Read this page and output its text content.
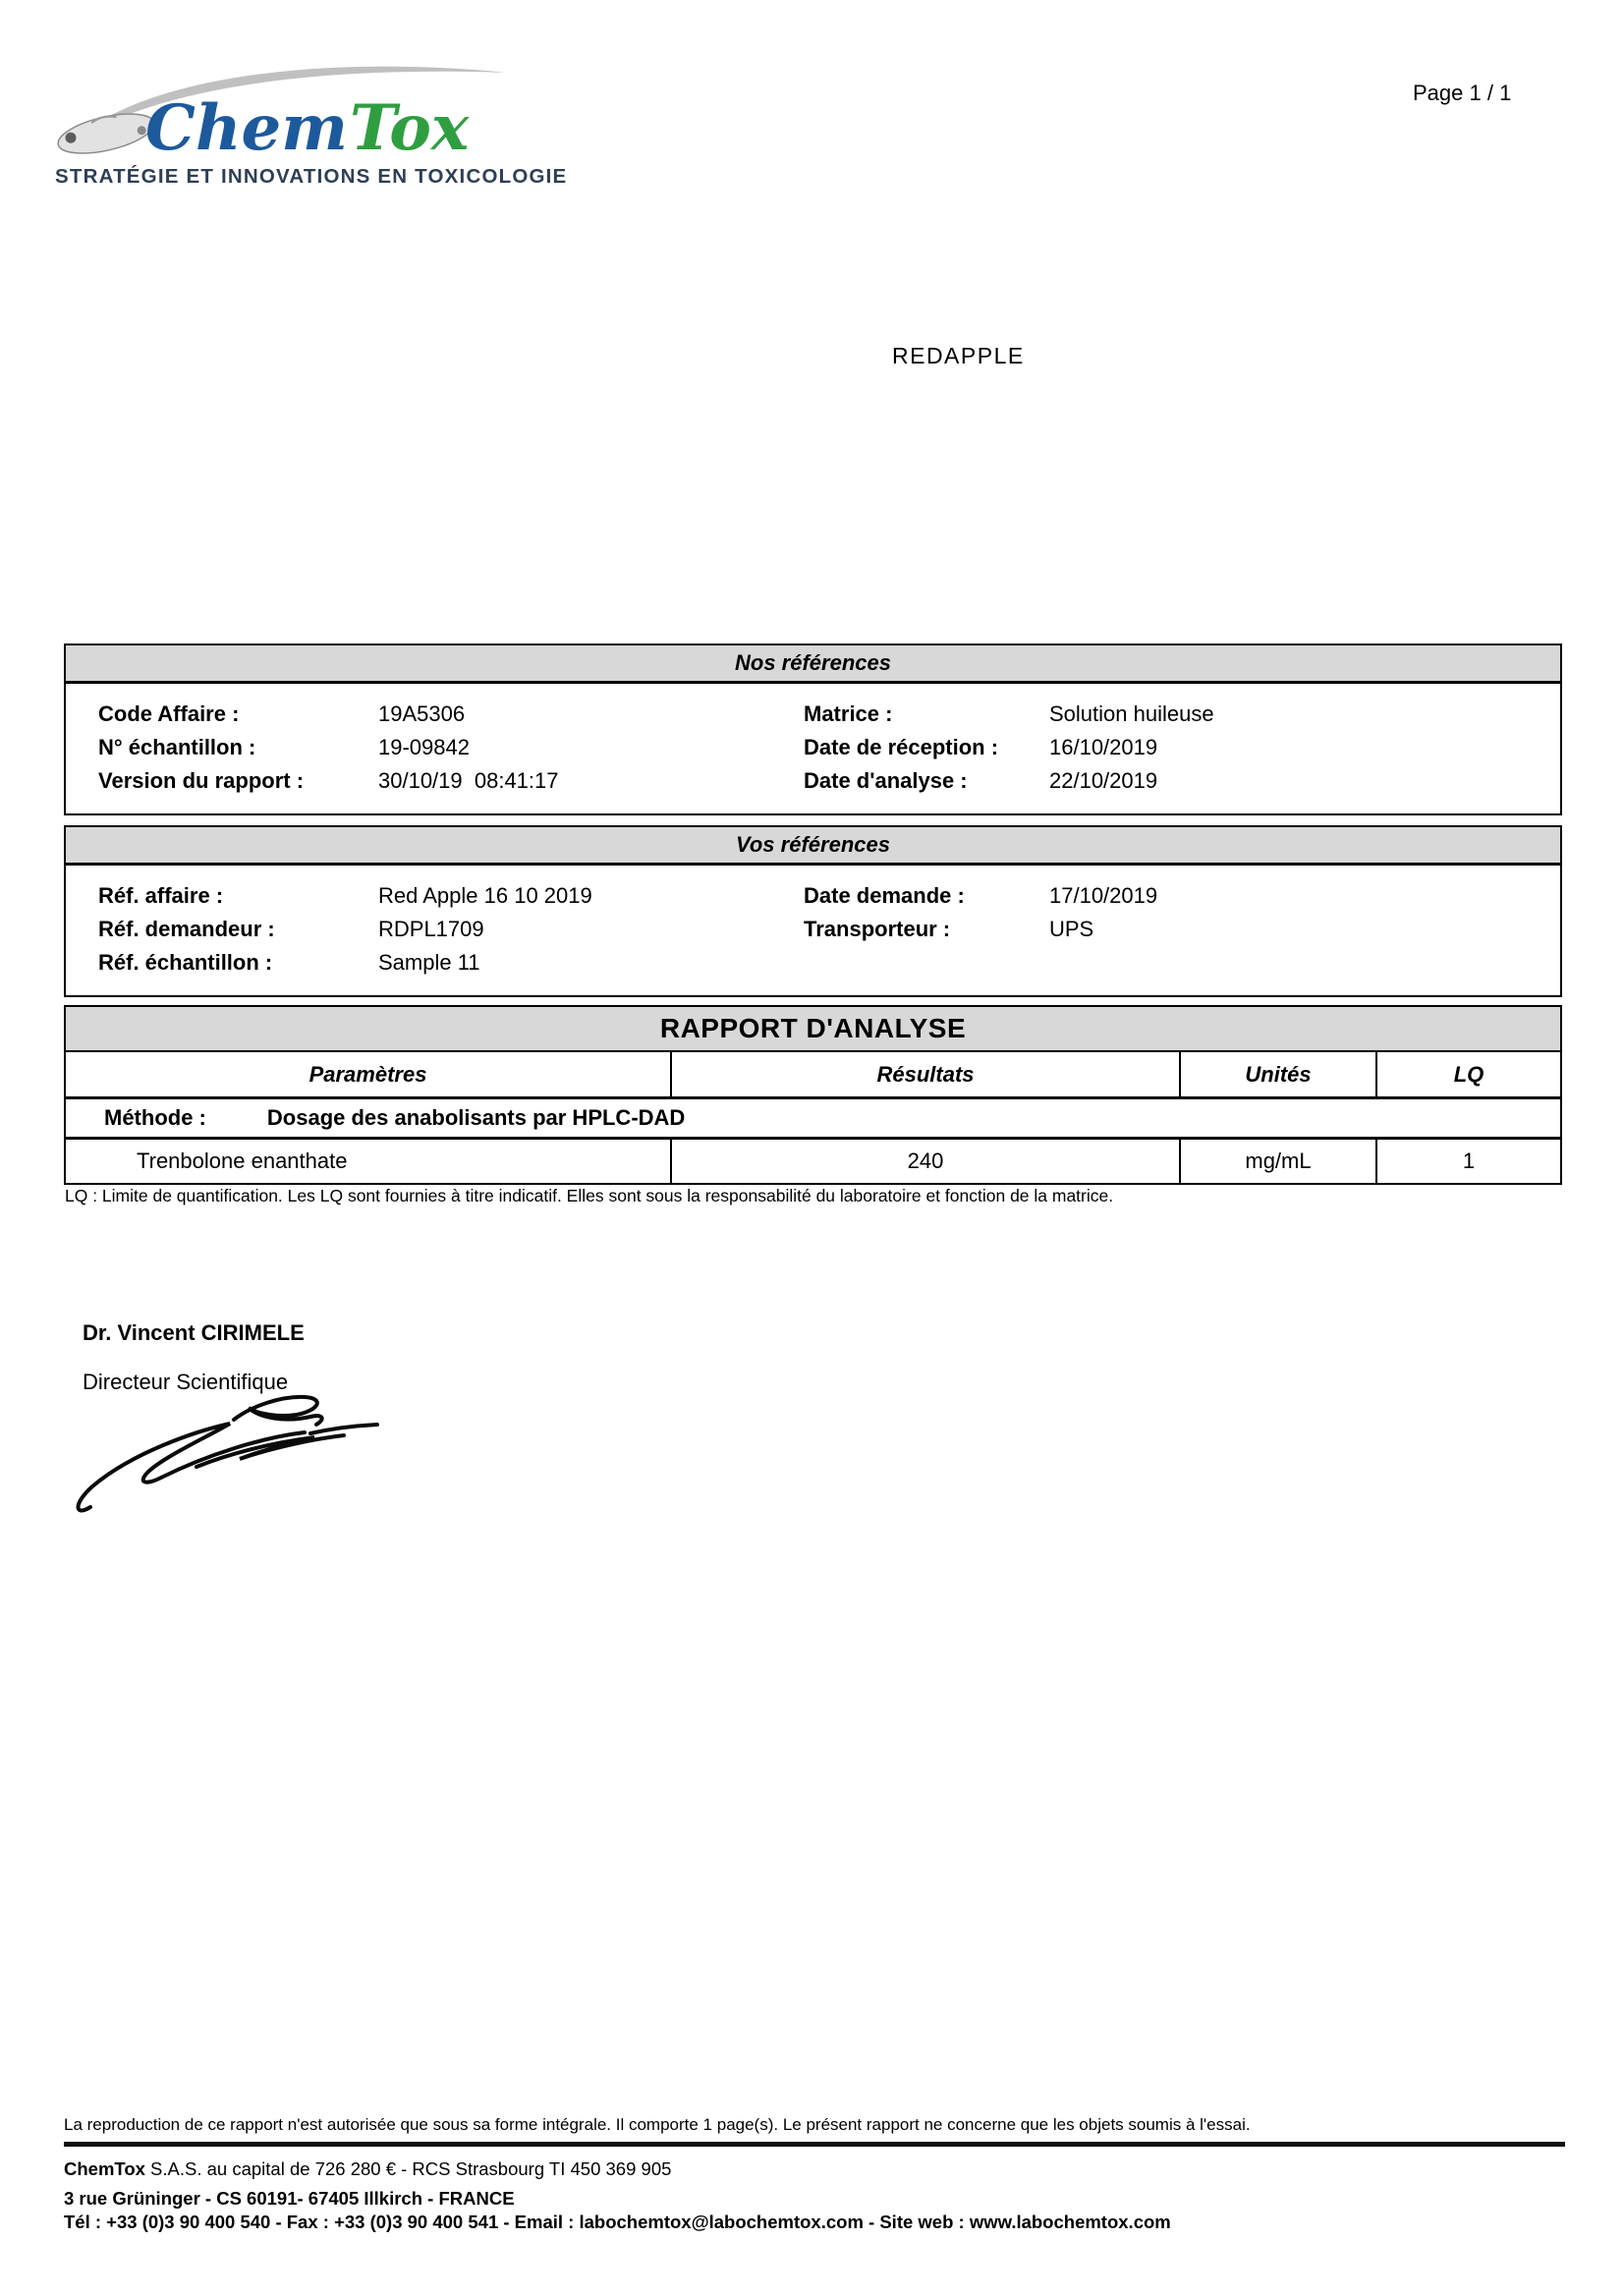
Chem Tox
STRATÉGIE ET INNOVATIONS EN TOXICOLOGIE
Page 1 / 1
REDAPPLE
Nos références
Code Affaire :	19A5306	Matrice :	Solution huileuse
N° échantillon :	19-09842	Date de réception : 16/10/2019
Version du rapport :	30/10/19  08:41:17	Date d'analyse :	22/10/2019
Vos références
Réf. affaire :	Red Apple 16 10 2019	Date demande :	17/10/2019
Réf. demandeur :	RDPL1709	Transporteur :	UPS
Réf. échantillon :	Sample 11
RAPPORT D'ANALYSE
Paramètres	Résultats	Unités	LQ
Méthode :	Dosage des anabolisants par HPLC-DAD
Trenbolone enanthate	240	mg/mL	1
LQ : Limite de quantification. Les LQ sont fournies à titre indicatif. Elles sont sous la responsabilité du laboratoire et fonction de la matrice.
Dr. Vincent CIRIMELE
Directeur Scientifique
La reproduction de ce rapport n'est autorisée que sous sa forme intégrale. Il comporte 1 page(s). Le présent rapport ne concerne que les objets soumis à l'essai.
ChemTox S.A.S. au capital de 726 280 € - RCS Strasbourg TI 450 369 905
3 rue Grüninger - CS 60191- 67405 Illkirch - FRANCE
Tél : +33 (0)3 90 400 540 - Fax : +33 (0)3 90 400 541 - Email : labochemtox@labochemtox.com - Site web : www.labochemtox.com
